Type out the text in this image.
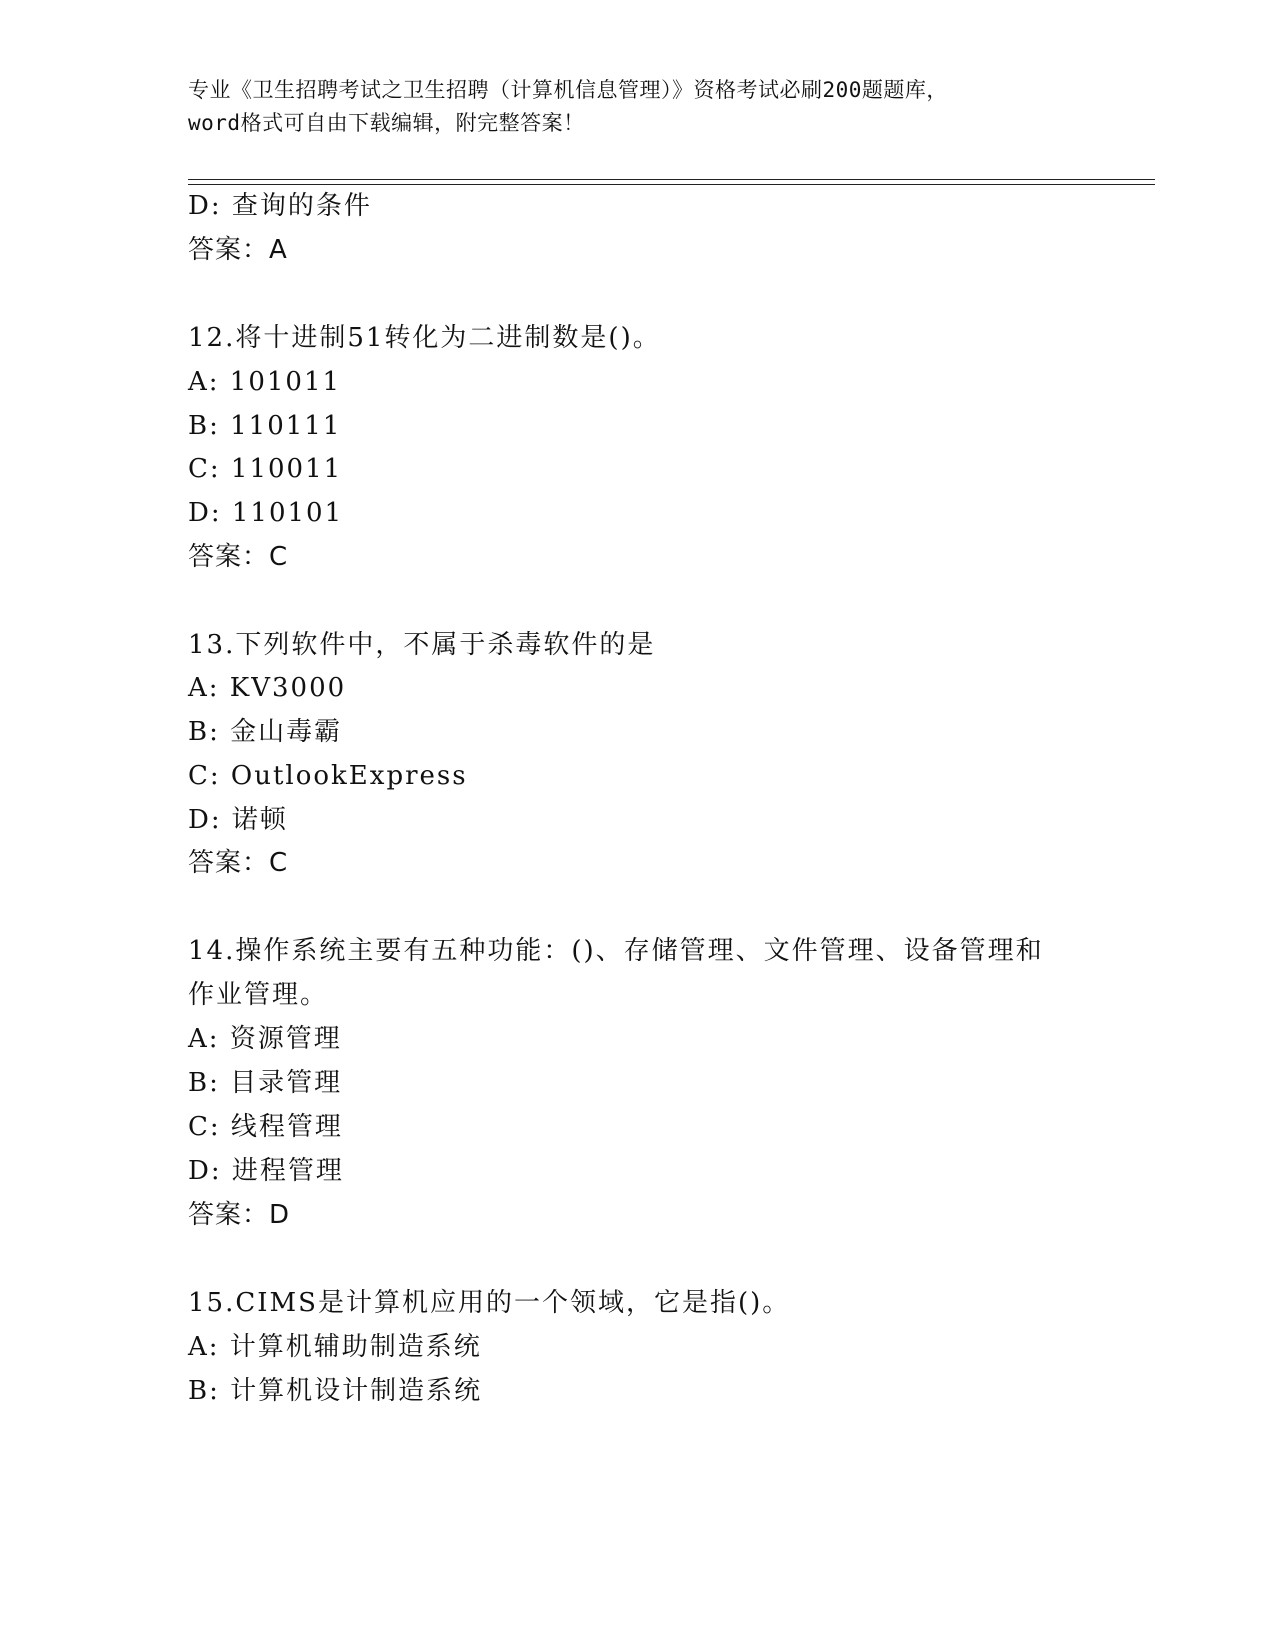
专业《卫生招聘考试之卫生招聘（计算机信息管理）》资格考试必刷200题题库，
word格式可自由下载编辑，附完整答案！
D: 查询的条件
答案：A
12.将十进制51转化为二进制数是()。
A: 101011
B: 110111
C: 110011
D: 110101
答案：C
13.下列软件中，不属于杀毒软件的是
A: KV3000
B: 金山毒霸
C: OutlookExpress
D: 诺顿
答案：C
14.操作系统主要有五种功能：()、存储管理、文件管理、设备管理和
作业管理。
A: 资源管理
B: 目录管理
C: 线程管理
D: 进程管理
答案：D
15.CIMS是计算机应用的一个领域，它是指()。
A: 计算机辅助制造系统
B: 计算机设计制造系统
